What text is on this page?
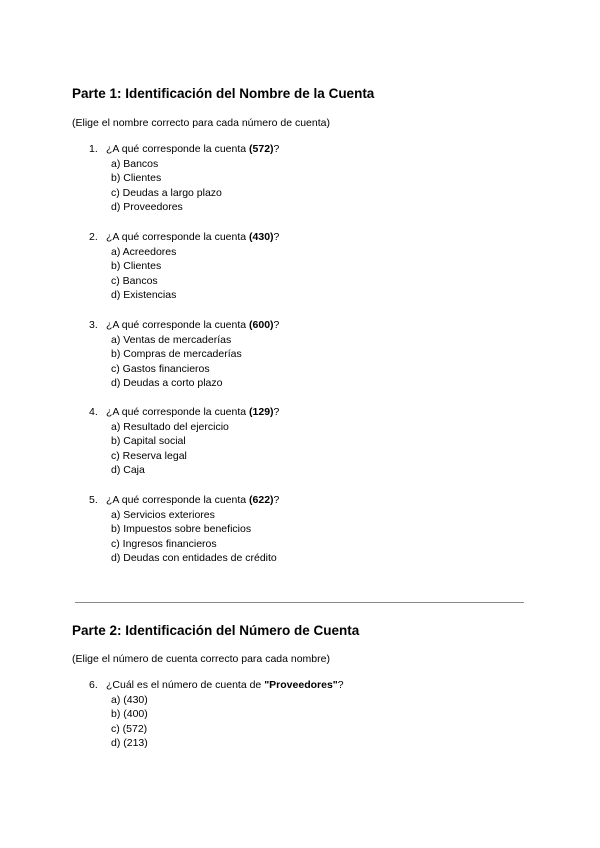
Parte 1: Identificación del Nombre de la Cuenta
(Elige el nombre correcto para cada número de cuenta)
1. ¿A qué corresponde la cuenta (572)?
a) Bancos
b) Clientes
c) Deudas a largo plazo
d) Proveedores
2. ¿A qué corresponde la cuenta (430)?
a) Acreedores
b) Clientes
c) Bancos
d) Existencias
3. ¿A qué corresponde la cuenta (600)?
a) Ventas de mercaderías
b) Compras de mercaderías
c) Gastos financieros
d) Deudas a corto plazo
4. ¿A qué corresponde la cuenta (129)?
a) Resultado del ejercicio
b) Capital social
c) Reserva legal
d) Caja
5. ¿A qué corresponde la cuenta (622)?
a) Servicios exteriores
b) Impuestos sobre beneficios
c) Ingresos financieros
d) Deudas con entidades de crédito
Parte 2: Identificación del Número de Cuenta
(Elige el número de cuenta correcto para cada nombre)
6. ¿Cuál es el número de cuenta de "Proveedores"?
a) (430)
b) (400)
c) (572)
d) (213)
